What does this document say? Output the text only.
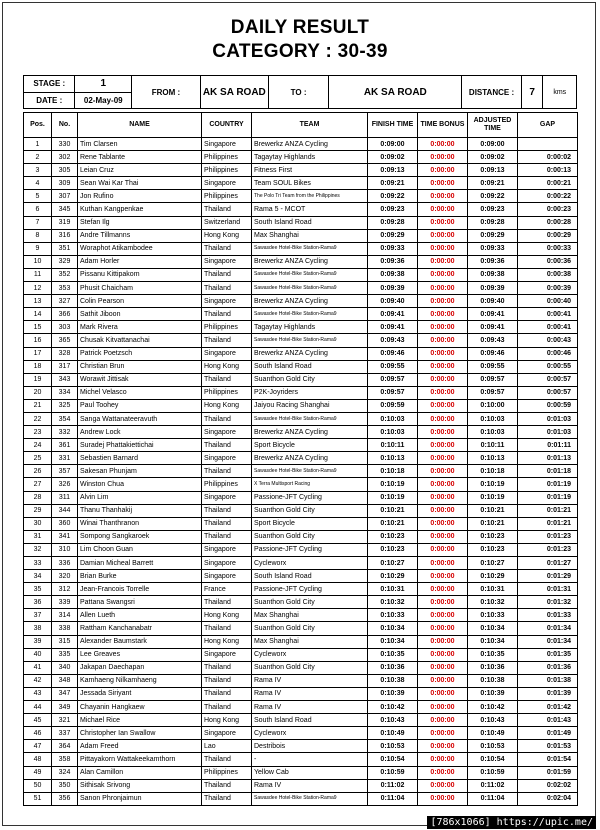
DAILY RESULT
CATEGORY : 30-39
STAGE :	1	FROM :	AK SA ROAD	TO :	AK SA ROAD	DISTANCE :	7	kms
DATE :	02-May-09							
Pos.	No.	NAME	COUNTRY	TEAM	FINISH TIME	TIME BONUS	ADJUSTED TIME	GAP
1	330	Tim Clarsen	Singapore	Brewerkz ANZA Cycling	0:09:00	0:00:00	0:09:00	
2	302	Rene Tablante	Philippines	Tagaytay Highlands	0:09:02	0:00:00	0:09:02	0:00:02
3	305	Leian Cruz	Philippines	Fitness First	0:09:13	0:00:00	0:09:13	0:00:13
4	309	Sean Wai Kar Thai	Singapore	Team SOUL Bikes	0:09:21	0:00:00	0:09:21	0:00:21
5	307	Jon Rufino	Philippines	The Polo Tri Team from the Philippines	0:09:22	0:00:00	0:09:22	0:00:22
6	345	Kuthan Kangpenkae	Thailand	Rama 5 - MCOT	0:09:23	0:00:00	0:09:23	0:00:23
7	319	Stefan Ilg	Switzerland	South Island Road	0:09:28	0:00:00	0:09:28	0:00:28
8	316	Andre Tillmanns	Hong Kong	Max Shanghai	0:09:29	0:00:00	0:09:29	0:00:29
9	351	Woraphot Atikambodee	Thailand	Sawasdee Hotel-Bike Station-Rama9	0:09:33	0:00:00	0:09:33	0:00:33
10	329	Adam Horler	Singapore	Brewerkz ANZA Cycling	0:09:36	0:00:00	0:09:36	0:00:36
11	352	Pissanu Kittipakom	Thailand	Sawasdee Hotel-Bike Station-Rama9	0:09:38	0:00:00	0:09:38	0:00:38
12	353	Phusit Chaicham	Thailand	Sawasdee Hotel-Bike Station-Rama9	0:09:39	0:00:00	0:09:39	0:00:39
13	327	Colin Pearson	Singapore	Brewerkz ANZA Cycling	0:09:40	0:00:00	0:09:40	0:00:40
14	366	Sathit Jiboon	Thailand	Sawasdee Hotel-Bike Station-Rama9	0:09:41	0:00:00	0:09:41	0:00:41
15	303	Mark Rivera	Philippines	Tagaytay Highlands	0:09:41	0:00:00	0:09:41	0:00:41
16	365	Chusak Kitvattanachai	Thailand	Sawasdee Hotel-Bike Station-Rama9	0:09:43	0:00:00	0:09:43	0:00:43
17	328	Patrick Poetzsch	Singapore	Brewerkz ANZA Cycling	0:09:46	0:00:00	0:09:46	0:00:46
18	317	Christian Brun	Hong Kong	South Island Road	0:09:55	0:00:00	0:09:55	0:00:55
19	343	Worawit Jittisak	Thailand	Suanthon Gold City	0:09:57	0:00:00	0:09:57	0:00:57
20	334	Michel Velasco	Philippines	P2K-Joyriders	0:09:57	0:00:00	0:09:57	0:00:57
21	325	Paul Toohey	Hong Kong	Jaiyou Racing Shanghai	0:09:59	0:00:00	0:10:00	0:00:59
22	354	Sanga Wattanateeravuth	Thailand	Sawasdee Hotel-Bike Station-Rama9	0:10:03	0:00:00	0:10:03	0:01:03
23	332	Andrew Lock	Singapore	Brewerkz ANZA Cycling	0:10:03	0:00:00	0:10:03	0:01:03
24	361	Suradej Phattakiettichai	Thailand	Sport Bicycle	0:10:11	0:00:00	0:10:11	0:01:11
25	331	Sebastien Barnard	Singapore	Brewerkz ANZA Cycling	0:10:13	0:00:00	0:10:13	0:01:13
26	357	Sakesan Phunjam	Thailand	Sawasdee Hotel-Bike Station-Rama9	0:10:18	0:00:00	0:10:18	0:01:18
27	326	Winston Chua	Philippines	X Terra Multisport Racing	0:10:19	0:00:00	0:10:19	0:01:19
28	311	Alvin Lim	Singapore	Passione-JFT Cycling	0:10:19	0:00:00	0:10:19	0:01:19
29	344	Thanu Thanhakij	Thailand	Suanthon Gold City	0:10:21	0:00:00	0:10:21	0:01:21
30	360	Winai Thanthranon	Thailand	Sport Bicycle	0:10:21	0:00:00	0:10:21	0:01:21
31	341	Sompong Sangkaroek	Thailand	Suanthon Gold City	0:10:23	0:00:00	0:10:23	0:01:23
32	310	Lim Choon Guan	Singapore	Passione-JFT Cycling	0:10:23	0:00:00	0:10:23	0:01:23
33	336	Damian Micheal Barrett	Singapore	Cycleworx	0:10:27	0:00:00	0:10:27	0:01:27
34	320	Brian Burke	Singapore	South Island Road	0:10:29	0:00:00	0:10:29	0:01:29
35	312	Jean-Francois Torrelle	France	Passione-JFT Cycling	0:10:31	0:00:00	0:10:31	0:01:31
36	339	Pattana Swangsri	Thailand	Suanthon Gold City	0:10:32	0:00:00	0:10:32	0:01:32
37	314	Allen Lueth	Hong Kong	Max Shanghai	0:10:33	0:00:00	0:10:33	0:01:33
38	338	Rattham Kanchanabatr	Thailand	Suanthon Gold City	0:10:34	0:00:00	0:10:34	0:01:34
39	315	Alexander Baumstark	Hong Kong	Max Shanghai	0:10:34	0:00:00	0:10:34	0:01:34
40	335	Lee Greaves	Singapore	Cycleworx	0:10:35	0:00:00	0:10:35	0:01:35
41	340	Jakapan Daechapan	Thailand	Suanthon Gold City	0:10:36	0:00:00	0:10:36	0:01:36
42	348	Kamhaeng Nilkamhaeng	Thailand	Rama IV	0:10:38	0:00:00	0:10:38	0:01:38
43	347	Jessada Siriyant	Thailand	Rama IV	0:10:39	0:00:00	0:10:39	0:01:39
44	349	Chayanin Hangkaew	Thailand	Rama IV	0:10:42	0:00:00	0:10:42	0:01:42
45	321	Michael Rice	Hong Kong	South Island Road	0:10:43	0:00:00	0:10:43	0:01:43
46	337	Christopher Ian Swallow	Singapore	Cycleworx	0:10:49	0:00:00	0:10:49	0:01:49
47	364	Adam Freed	Lao	Destribois	0:10:53	0:00:00	0:10:53	0:01:53
48	358	Pittayakorn Wattakeekamthorn	Thailand	-	0:10:54	0:00:00	0:10:54	0:01:54
49	324	Alan Camillon	Philippines	Yellow Cab	0:10:59	0:00:00	0:10:59	0:01:59
50	350	Sithisak Srivong	Thailand	Rama IV	0:11:02	0:00:00	0:11:02	0:02:02
51	356	Sanon Phronjaimun	Thailand	Sawasdee Hotel-Bike Station-Rama9	0:11:04	0:00:00	0:11:04	0:02:04
[786x1066] https://upic.me/
